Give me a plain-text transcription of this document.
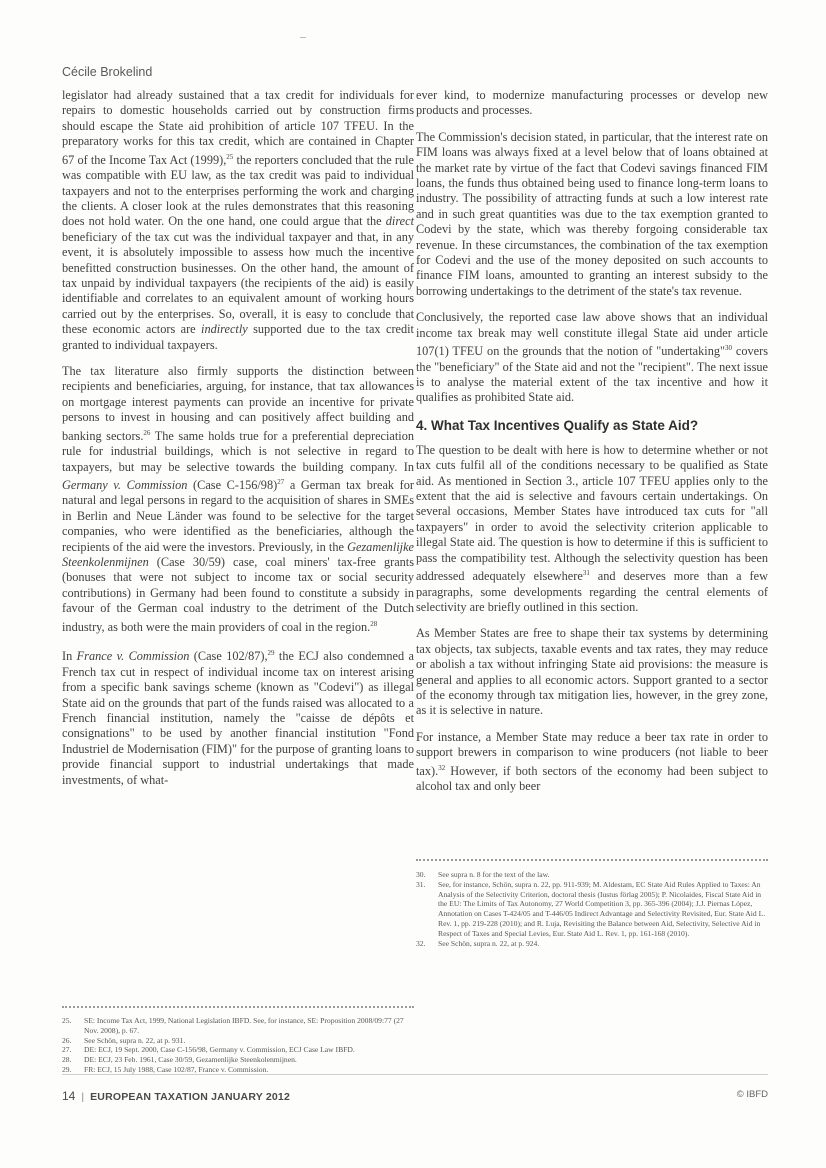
Cécile Brokelind

legislator had already sustained that a tax credit for individuals for repairs to domestic households carried out by construction firms should escape the State aid prohibition of article 107 TFEU. In the preparatory works for this tax credit, which are contained in Chapter 67 of the Income Tax Act (1999),$^{25}$ the reporters concluded that the rule was compatible with EU law, as the tax credit was paid to individual taxpayers and not to the enterprises performing the work and charging the clients. A closer look at the rules demonstrates that this reasoning does not hold water. On the one hand, one could argue that the direct beneficiary of the tax cut was the individual taxpayer and that, in any event, it is absolutely impossible to assess how much the incentive benefitted construction businesses. On the other hand, the amount of tax unpaid by individual taxpayers (the recipients of the aid) is easily identifiable and correlates to an equivalent amount of working hours carried out by the enterprises. So, overall, it is easy to conclude that these economic actors are indirectly supported due to the tax credit granted to individual taxpayers.

The tax literature also firmly supports the distinction between recipients and beneficiaries, arguing, for instance, that tax allowances on mortgage interest payments can provide an incentive for private persons to invest in housing and can positively affect building and banking sectors.$^{26}$ The same holds true for a preferential depreciation rule for industrial buildings, which is not selective in regard to taxpayers, but may be selective towards the building company. In Germany v. Commission (Case C-156/98)$^{27}$ a German tax break for natural and legal persons in regard to the acquisition of shares in SMEs in Berlin and Neue Länder was found to be selective for the target companies, who were identified as the beneficiaries, although the recipients of the aid were the investors. Previously, in the Gezamenlijke Steenkolenmijnen (Case 30/59) case, coal miners' tax-free grants (bonuses that were not subject to income tax or social security contributions) in Germany had been found to constitute a subsidy in favour of the German coal industry to the detriment of the Dutch industry, as both were the main providers of coal in the region.$^{28}$

In France v. Commission (Case 102/87),$^{29}$ the ECJ also condemned a French tax cut in respect of individual income tax on interest arising from a specific bank savings scheme (known as "Codevi") as illegal State aid on the grounds that part of the funds raised was allocated to a French financial institution, namely the "caisse de dépôts et consignations" to be used by another financial institution "Fond Industriel de Modernisation (FIM)" for the purpose of granting loans to provide financial support to industrial undertakings that made investments, of what-

ever kind, to modernize manufacturing processes or develop new products and processes.

The Commission's decision stated, in particular, that the interest rate on FIM loans was always fixed at a level below that of loans obtained at the market rate by virtue of the fact that Codevi savings financed FIM loans, the funds thus obtained being used to finance long-term loans to industry. The possibility of attracting funds at such a low interest rate and in such great quantities was due to the tax exemption granted to Codevi by the state, which was thereby forgoing considerable tax revenue. In these circumstances, the combination of the tax exemption for Codevi and the use of the money deposited on such accounts to finance FIM loans, amounted to granting an interest subsidy to the borrowing undertakings to the detriment of the state's tax revenue.

Conclusively, the reported case law above shows that an individual income tax break may well constitute illegal State aid under article 107(1) TFEU on the grounds that the notion of "undertaking"$^{30}$ covers the "beneficiary" of the State aid and not the "recipient". The next issue is to analyse the material extent of the tax incentive and how it qualifies as prohibited State aid.

4. What Tax Incentives Qualify as State Aid?

The question to be dealt with here is how to determine whether or not tax cuts fulfil all of the conditions necessary to be qualified as State aid. As mentioned in Section 3., article 107 TFEU applies only to the extent that the aid is selective and favours certain undertakings. On several occasions, Member States have introduced tax cuts for "all taxpayers" in order to avoid the selectivity criterion applicable to illegal State aid. The question is how to determine if this is sufficient to pass the compatibility test. Although the selectivity question has been addressed adequately elsewhere$^{31}$ and deserves more than a few paragraphs, some developments regarding the central elements of selectivity are briefly outlined in this section.

As Member States are free to shape their tax systems by determining tax objects, tax subjects, taxable events and tax rates, they may reduce or abolish a tax without infringing State aid provisions: the measure is general and applies to all economic actors. Support granted to a sector of the economy through tax mitigation lies, however, in the grey zone, as it is selective in nature.

For instance, a Member State may reduce a beer tax rate in order to support brewers in comparison to wine producers (not liable to beer tax).$^{32}$ However, if both sectors of the economy had been subject to alcohol tax and only beer

25.	SE: Income Tax Act, 1999, National Legislation IBFD. See, for instance, SE: Proposition 2008/09:77 (27 Nov. 2008), p. 67.
26.	See Schön, supra n. 22, at p. 931.
27.	DE: ECJ, 19 Sept. 2000, Case C-156/98, Germany v. Commission, ECJ Case Law IBFD.
28.	DE: ECJ, 23 Feb. 1961, Case 30/59, Gezamenlijke Steenkolenmijnen.
29.	FR: ECJ, 15 July 1988, Case 102/87, France v. Commission.
30.	See supra n. 8 for the text of the law.
31.	See, for instance, Schön, supra n. 22, pp. 911-939; M. Aldestam, EC State Aid Rules Applied to Taxes: An Analysis of the Selectivity Criterion, doctoral thesis (Iustus förlag 2005); P. Nicolaides, Fiscal State Aid in the EU: The Limits of Tax Autonomy, 27 World Competition 3, pp. 365-396 (2004); J.J. Piernas López, Annotation on Cases T-424/05 and T-446/05 Indirect Advantage and Selectivity Revisited, Eur. State Aid L. Rev. 1, pp. 219-228 (2010); and R. Luja, Revisiting the Balance between Aid, Selectivity, Selective Aid in Respect of Taxes and Special Levies, Eur. State Aid L. Rev. 1, pp. 161-168 (2010).
32.	See Schön, supra n. 22, at p. 924.
14 | EUROPEAN TAXATION JANUARY 2012	© IBFD
